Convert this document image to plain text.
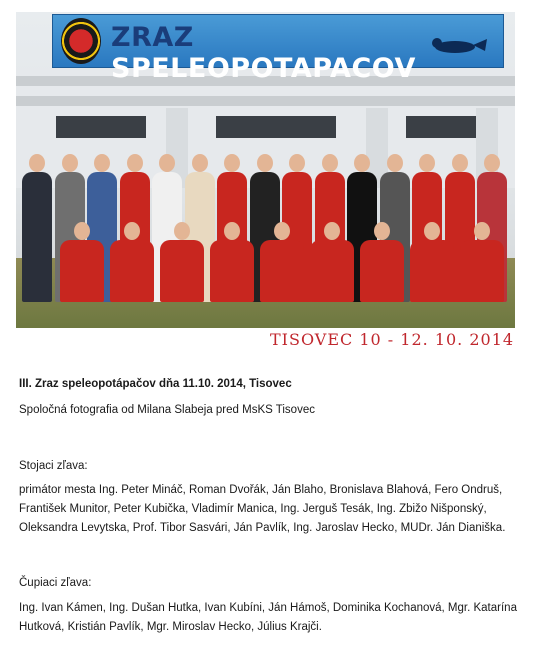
ZRAZ SPELEOPOTAPACOV
TISOVEC 10 - 12. 10. 2014
III. Zraz speleopotápačov dňa 11.10. 2014, Tisovec
Spoločná fotografia od Milana Slabeja pred MsKS Tisovec
Stojaci zľava:
primátor mesta Ing. Peter Mináč, Roman Dvořák, Ján Blaho, Bronislava Blahová, Fero Ondruš, František Munitor, Peter Kubička, Vladimír Manica, Ing. Jerguš Tesák, Ing. Zbižo Nišponský, Oleksandra Levytska, Prof. Tibor Sasvári, Ján Pavlík, Ing. Jaroslav Hecko, MUDr. Ján Dianiška.
Čupiaci zľava:
Ing. Ivan Kámen, Ing. Dušan Hutka, Ivan Kubíni, Ján Hámoš, Dominika Kochanová, Mgr. Katarína Hutková, Kristián Pavlík, Mgr. Miroslav Hecko, Július Krajči.
